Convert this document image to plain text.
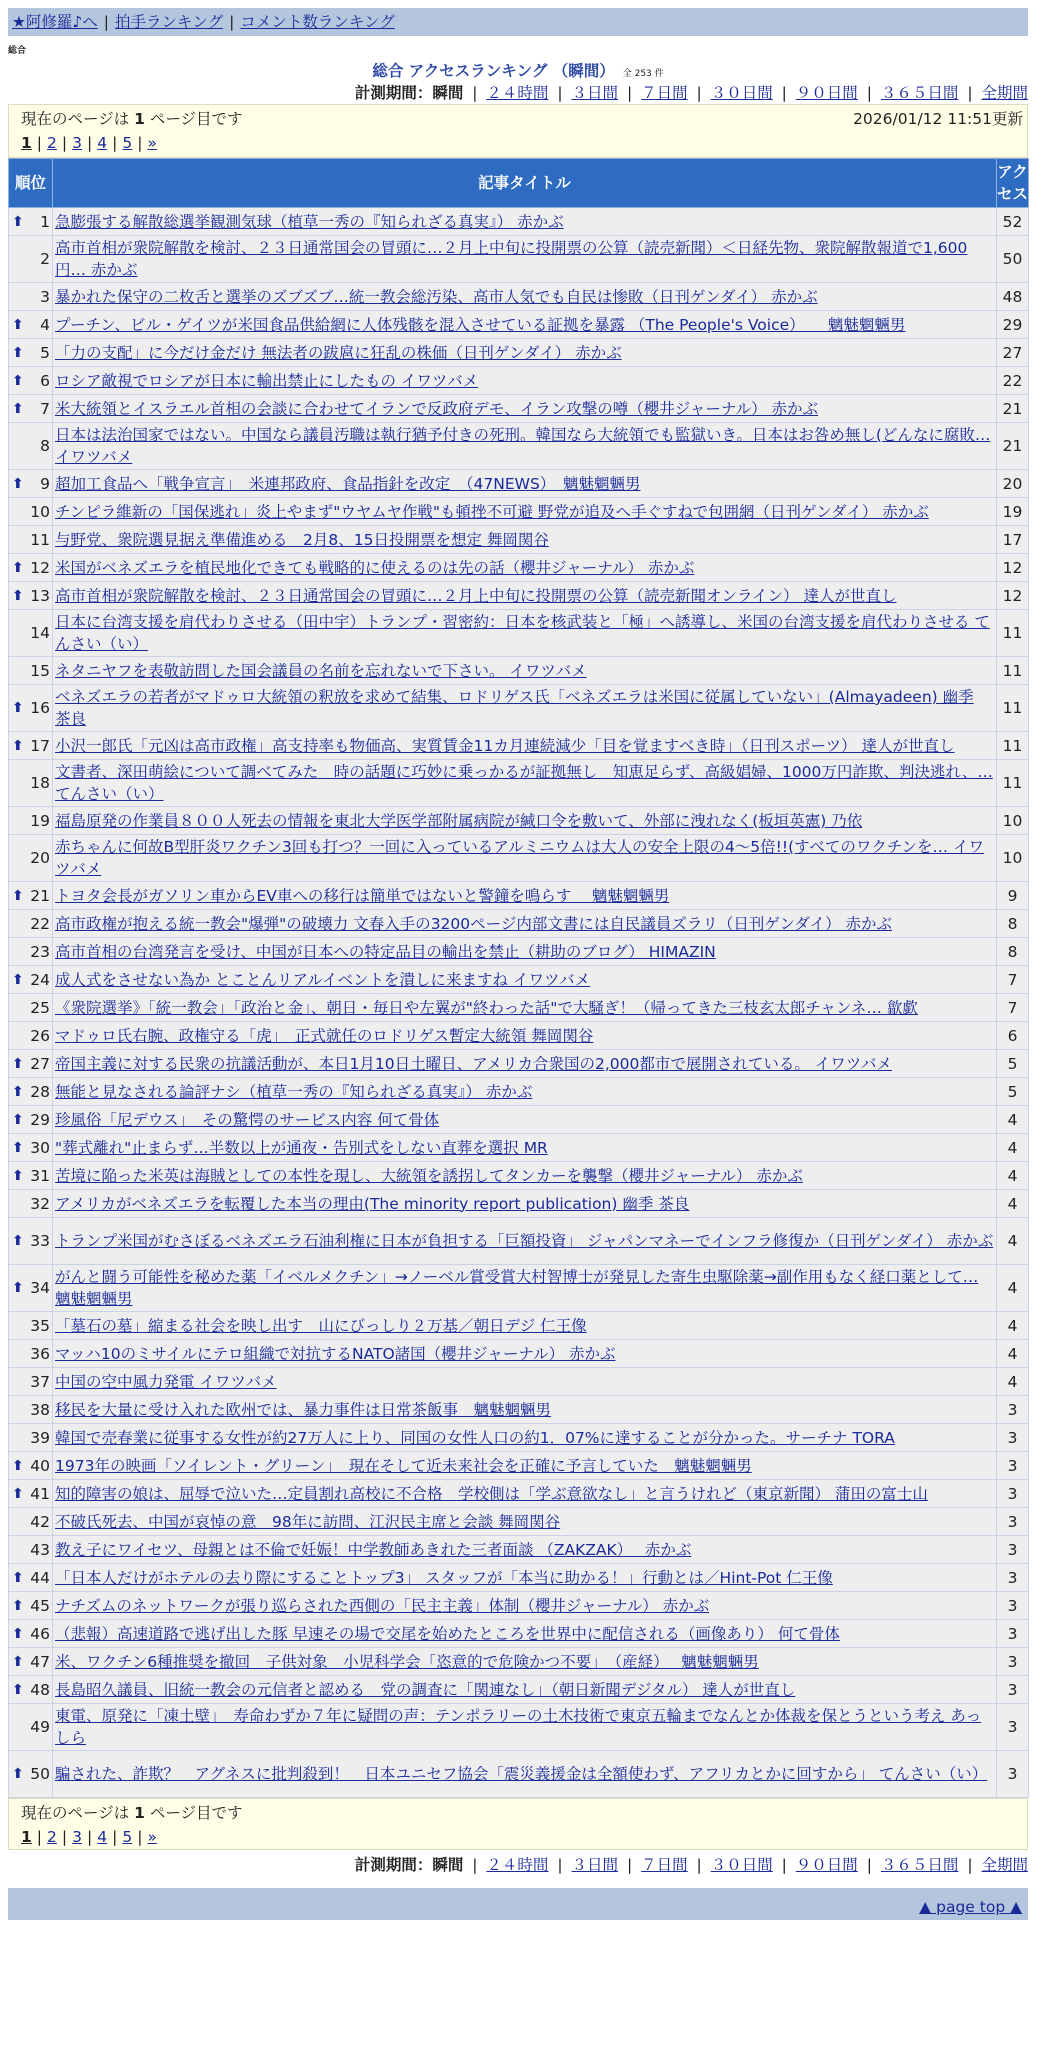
★阿修羅♪へ | 拍手ランキング | コメント数ランキング
総合
総合 アクセスランキング （瞬間） 全 253 件
計測期間：瞬間 | ２４時間 | ３日間 | ７日間 | ３０日間 | ９０日間 | ３６５日間 | 全期間
現在のページは 1 ページ目です	2026/01/12 11:51更新
1 | 2 | 3 | 4 | 5 | »
順位	記事タイトル	アクセス

⬆ 1	急膨張する解散総選挙観測気球（植草一秀の『知られざる真実』） 赤かぶ	52
2	高市首相が衆院解散を検討、２３日通常国会の冒頭に…２月上中旬に投開票の公算（読売新聞）＜日経先物、衆院解散報道で1,600円… 赤かぶ	50
3	暴かれた保守の二枚舌と選挙のズブズブ…統一教会総汚染、高市人気でも自民は惨敗（日刊ゲンダイ） 赤かぶ	48

⬆ 4	プーチン、ビル・ゲイツが米国食品供給網に人体残骸を混入させている証拠を暴露 （The People's Voice）　　魑魅魍魎男	29

⬆ 5	「力の支配」に今だけ金だけ 無法者の跋扈に狂乱の株価（日刊ゲンダイ） 赤かぶ	27

⬆ 6	ロシア敵視でロシアが日本に輸出禁止にしたもの イワツバメ	22

⬆ 7	米大統領とイスラエル首相の会談に合わせてイランで反政府デモ、イラン攻撃の噂（櫻井ジャーナル） 赤かぶ	21
8	日本は法治国家ではない。中国なら議員汚職は執行猶予付きの死刑。韓国なら大統領でも監獄いき。日本はお咎め無し(どんなに腐敗… イワツバメ	21

⬆ 9	超加工食品へ「戦争宣言」　米連邦政府、食品指針を改定　（47NEWS）　魑魅魍魎男	20
10	チンピラ維新の「国保逃れ」炎上やまず"ウヤムヤ作戦"も頓挫不可避 野党が追及へ手ぐすねで包囲網（日刊ゲンダイ） 赤かぶ	19
11	与野党、衆院選見据え準備進める　2月8、15日投開票を想定 舞岡関谷	17

⬆ 12	米国がベネズエラを植民地化できても戦略的に使えるのは先の話（櫻井ジャーナル） 赤かぶ	12

⬆ 13	高市首相が衆院解散を検討、２３日通常国会の冒頭に…２月上中旬に投開票の公算（読売新聞オンライン） 達人が世直し	12
14	日本に台湾支援を肩代わりさせる（田中宇）トランプ・習密約：日本を核武装と「極」へ誘導し、米国の台湾支援を肩代わりさせる てんさい（い）	11
15	ネタニヤフを表敬訪問した国会議員の名前を忘れないで下さい。 イワツバメ	11

⬆ 16	ベネズエラの若者がマドゥロ大統領の釈放を求めて結集、ロドリゲス氏「ベネズエラは米国に従属していない」(Almayadeen) 幽季 茶良	11

⬆ 17	小沢一郎氏「元凶は高市政権」高支持率も物価高、実質賃金11カ月連続減少「目を覚ますべき時」（日刊スポーツ） 達人が世直し	11
18	文書者、深田萌絵について調べてみた　時の話題に巧妙に乗っかるが証拠無し　知恵足らず、高級娼婦、1000万円詐欺、判決逃れ、… てんさい（い）	11
19	福島原発の作業員８００人死去の情報を東北大学医学部附属病院が緘口令を敷いて、外部に洩れなく(板垣英憲) 乃依	10
20	赤ちゃんに何故B型肝炎ワクチン3回も打つ？一回に入っているアルミニウムは大人の安全上限の4〜5倍!!(すべてのワクチンを… イワツバメ	10

⬆ 21	トヨタ会長がガソリン車からEV車への移行は簡単ではないと警鐘を鳴らす　 魑魅魍魎男	9
22	高市政権が抱える統一教会"爆弾"の破壊力 文春入手の3200ページ内部文書には自民議員ズラリ（日刊ゲンダイ） 赤かぶ	8
23	高市首相の台湾発言を受け、中国が日本への特定品目の輸出を禁止（耕助のブログ） HIMAZIN	8

⬆ 24	成人式をさせない為か とことんリアルイベントを潰しに来ますね イワツバメ	7
25	《衆院選挙》「統一教会」「政治と金」、朝日・毎日や左翼が"終わった話"で大騒ぎ！（帰ってきた三枝玄太郎チャンネ… 歙歔	7
26	マドゥロ氏右腕、政権守る「虎」　正式就任のロドリゲス暫定大統領 舞岡関谷	6

⬆ 27	帝国主義に対する民衆の抗議活動が、本日1月10日土曜日、アメリカ合衆国の2,000都市で展開されている。 イワツバメ	5

⬆ 28	無能と見なされる論評ナシ（植草一秀の『知られざる真実』） 赤かぶ	5

⬆ 29	珍風俗「尼デウス」　その驚愕のサービス内容 何て骨体	4

⬆ 30	"葬式離れ"止まらず…半数以上が通夜・告別式をしない直葬を選択 MR	4

⬆ 31	苦境に陥った米英は海賊としての本性を現し、大統領を誘拐してタンカーを襲撃（櫻井ジャーナル） 赤かぶ	4
32	アメリカがベネズエラを転覆した本当の理由(The minority report publication) 幽季 茶良	4

⬆ 33	トランプ米国がむさぼるベネズエラ石油利権に日本が負担する「巨額投資」 ジャパンマネーでインフラ修復か（日刊ゲンダイ） 赤かぶ	4

⬆ 34	がんと闘う可能性を秘めた薬「イベルメクチン」→ノーベル賞受賞大村智博士が発見した寄生虫駆除薬→副作用もなく経口薬として… 魑魅魍魎男	4
35	「墓石の墓」縮まる社会を映し出す　山にびっしり２万基／朝日デジ 仁王像	4
36	マッハ10のミサイルにテロ組織で対抗するNATO諸国（櫻井ジャーナル） 赤かぶ	4
37	中国の空中風力発電 イワツバメ	4
38	移民を大量に受け入れた欧州では、暴力事件は日常茶飯事　魑魅魍魎男	3
39	韓国で売春業に従事する女性が約27万人に上り、同国の女性人口の約1．07%に達することが分かった。サーチナ TORA	3

⬆ 40	1973年の映画「ソイレント・グリーン」　現在そして近未来社会を正確に予言していた　魑魅魍魎男	3

⬆ 41	知的障害の娘は、屈辱で泣いた…定員割れ高校に不合格　学校側は「学ぶ意欲なし」と言うけれど（東京新聞） 蒲田の富士山	3
42	不破氏死去、中国が哀悼の意　98年に訪問、江沢民主席と会談 舞岡関谷	3
43	教え子にワイセツ、母親とは不倫で妊娠！中学教師あきれた三者面談 （ZAKZAK）　 赤かぶ	3

⬆ 44	「日本人だけがホテルの去り際にすることトップ3」 スタッフが「本当に助かる！」行動とは／Hint-Pot 仁王像	3

⬆ 45	ナチズムのネットワークが張り巡らされた西側の「民主主義」体制（櫻井ジャーナル） 赤かぶ	3

⬆ 46	（悲報）高速道路で逃げ出した豚 早速その場で交尾を始めたところを世界中に配信される（画像あり） 何て骨体	3

⬆ 47	米、ワクチン6種推奨を撤回　子供対象　小児科学会「恣意的で危険かつ不要」　（産経）　 魑魅魍魎男	3

⬆ 48	長島昭久議員、旧統一教会の元信者と認める　党の調査に「関連なし」（朝日新聞デジタル） 達人が世直し	3
49	東電、原発に「凍土壁」　寿命わずか７年に疑問の声：テンポラリーの土木技術で東京五輪までなんとか体裁を保とうという考え あっしら	3

⬆ 50	騙された、詐欺？　アグネスに批判殺到！　日本ユニセフ協会「震災義援金は全額使わず、アフリカとかに回すから」 てんさい（い）	3
現在のページは 1 ページ目です
1 | 2 | 3 | 4 | 5 | »
計測期間：瞬間 | ２４時間 | ３日間 | ７日間 | ３０日間 | ９０日間 | ３６５日間 | 全期間
▲ page top ▲
